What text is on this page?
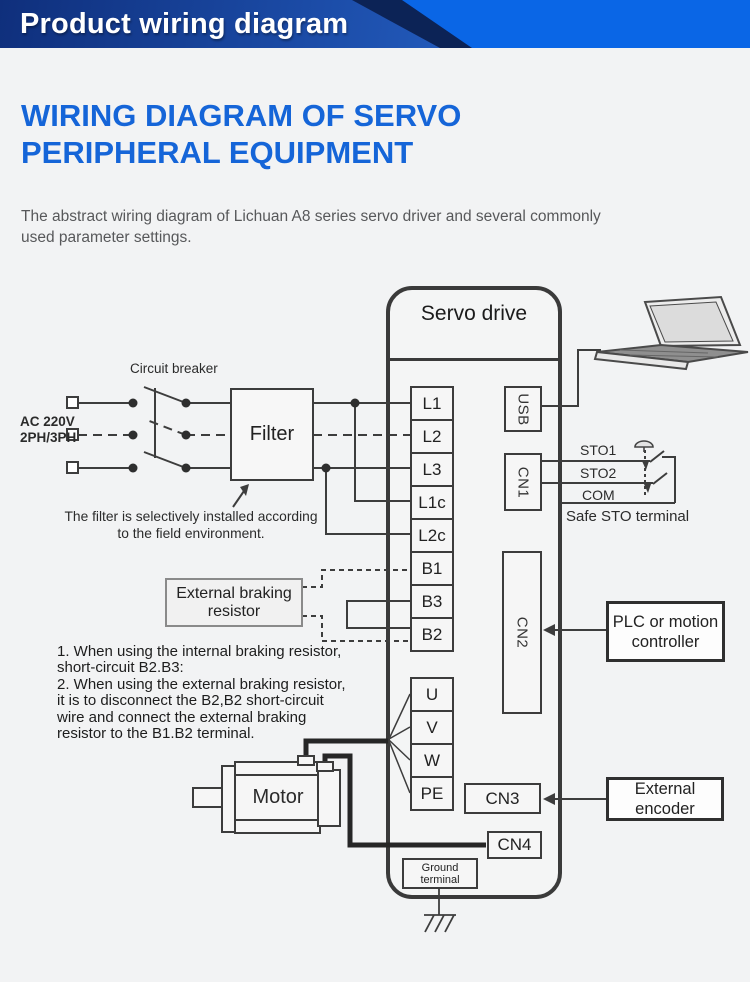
Product wiring diagram
WIRING DIAGRAM OF SERVO
PERIPHERAL EQUIPMENT
The abstract wiring diagram of Lichuan A8 series servo driver and several commonly
used parameter settings.
Servo drive
Circuit breaker
AC 220V
2PH/3PH	Filter
The filter is selectively installed according
to the field environment.
External braking
resistor
1. When using the internal braking resistor,
short-circuit B2.B3:
2. When using the external braking resistor,
it is to disconnect the B2,B2 short-circuit
wire and connect the external braking
resistor to the B1.B2 terminal.
L1
L2
L3
L1c
L2c
B1
B3
B2
U
V
W
PE
USB
CN1
CN2
CN3
CN4
Ground terminal
STO1
STO2
COM
Safe STO terminal
PLC or motion
controller
External
encoder
Motor
